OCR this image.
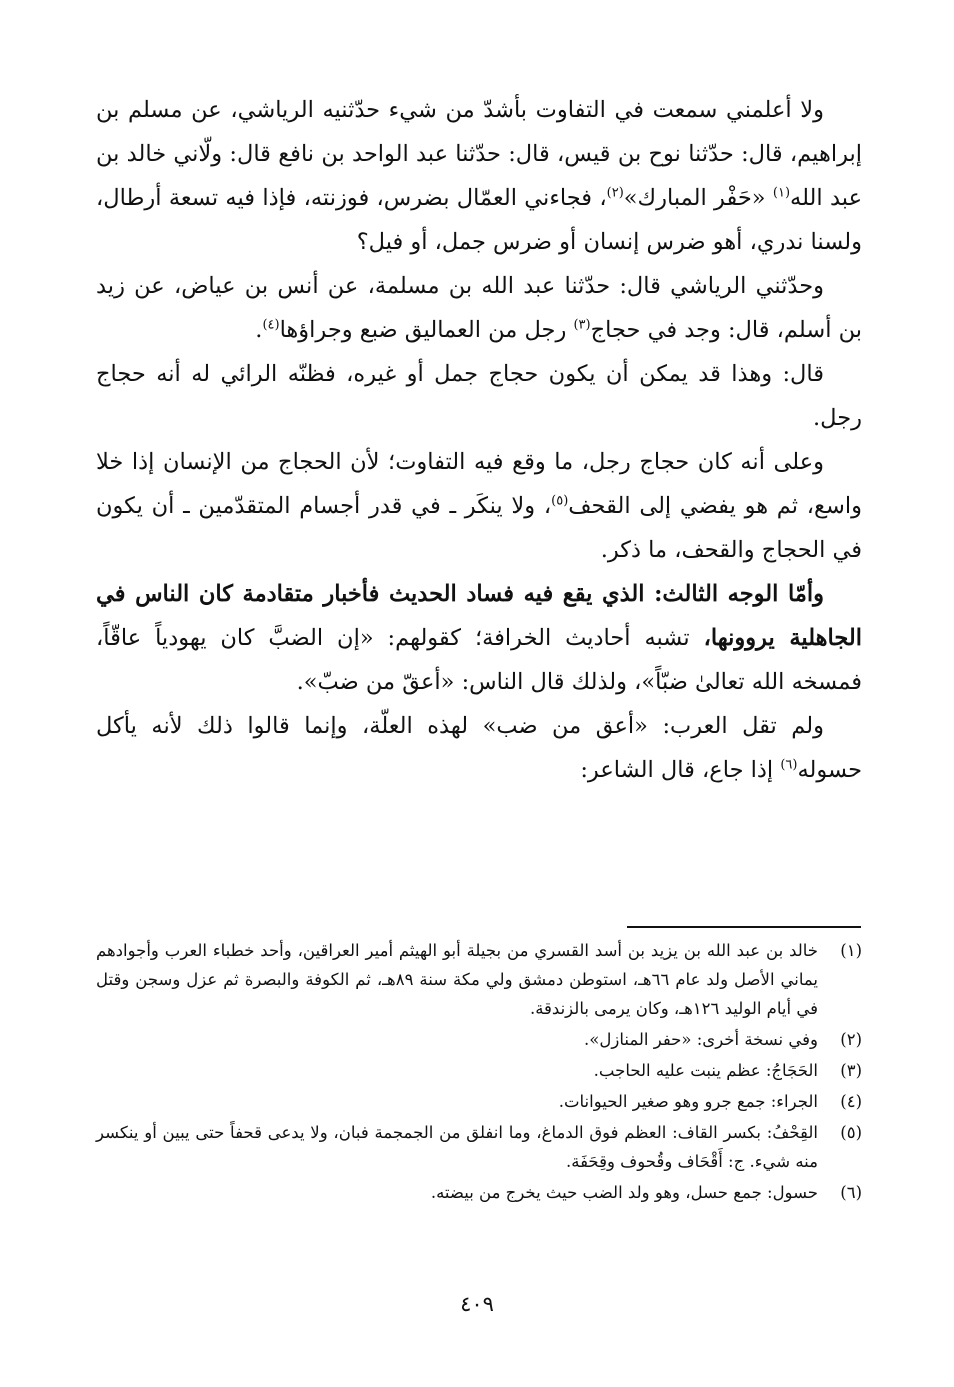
ولا أعلمني سمعت في التفاوت بأشدّ من شيء حدّثنيه الرياشي، عن مسلم بن إبراهيم، قال: حدّثنا نوح بن قيس، قال: حدّثنا عبد الواحد بن نافع قال: ولّاني خالد بن عبد الله$^{(١)}$ «حَفْر المبارك»$^{(٢)}$، فجاءني العمّال بضرس، فوزنته، فإذا فيه تسعة أرطال، ولسنا ندري، أهو ضرس إنسان أو ضرس جمل، أو فيل؟

وحدّثني الرياشي قال: حدّثنا عبد الله بن مسلمة، عن أنس بن عياض، عن زيد بن أسلم، قال: وجد في حجاج$^{(٣)}$ رجل من العماليق ضبع وجراؤها$^{(٤)}$.

قال: وهذا قد يمكن أن يكون حجاج جمل أو غيره، فظنّه الرائي له أنه حجاج رجل.

وعلى أنه كان حجاج رجل، ما وقع فيه التفاوت؛ لأن الحجاج من الإنسان إذا خلا واسع، ثم هو يفضي إلى القحف$^{(٥)}$، ولا ينكَر ـ في قدر أجسام المتقدّمين ـ أن يكون في الحجاج والقحف، ما ذكر.

وأمّا الوجه الثالث: الذي يقع فيه فساد الحديث فأخبار متقادمة كان الناس في الجاهلية يروونها، تشبه أحاديث الخرافة؛ كقولهم: «إن الضبَّ كان يهودياً عاقّاً، فمسخه الله تعالىٰ ضبّاً»، ولذلك قال الناس: «أعقّ من ضبّ».

ولم تقل العرب: «أعق من ضب» لهذه العلّة، وإنما قالوا ذلك لأنه يأكل حسوله$^{(٦)}$ إذا جاع، قال الشاعر:

(١)
خالد بن عبد الله بن يزيد بن أسد القسري من بجيلة أبو الهيثم أمير العراقين، وأحد خطباء العرب وأجوادهم يماني الأصل ولد عام ٦٦هـ، استوطن دمشق ولي مكة سنة ٨٩هـ، ثم الكوفة والبصرة ثم عزل وسجن وقتل في أيام الوليد ١٢٦هـ، وكان يرمى بالزندقة.
(٢)
وفي نسخة أخرى: «حفر المنازل».
(٣)
الحَجَاجُ: عظم ينبت عليه الحاجب.
(٤)
الجراء: جمع جرو وهو صغير الحيوانات.
(٥)
القِحْفُ: بكسر القاف: العظم فوق الدماغ، وما انفلق من الجمجمة فبان، ولا يدعى قحفاً حتى يبين أو ينكسر منه شيء. ج: أَقْحَاف وقُحوف وقِحَفَة.
(٦)
حسول: جمع حسل، وهو ولد الضب حيث يخرج من بيضته.
٤٠٩
